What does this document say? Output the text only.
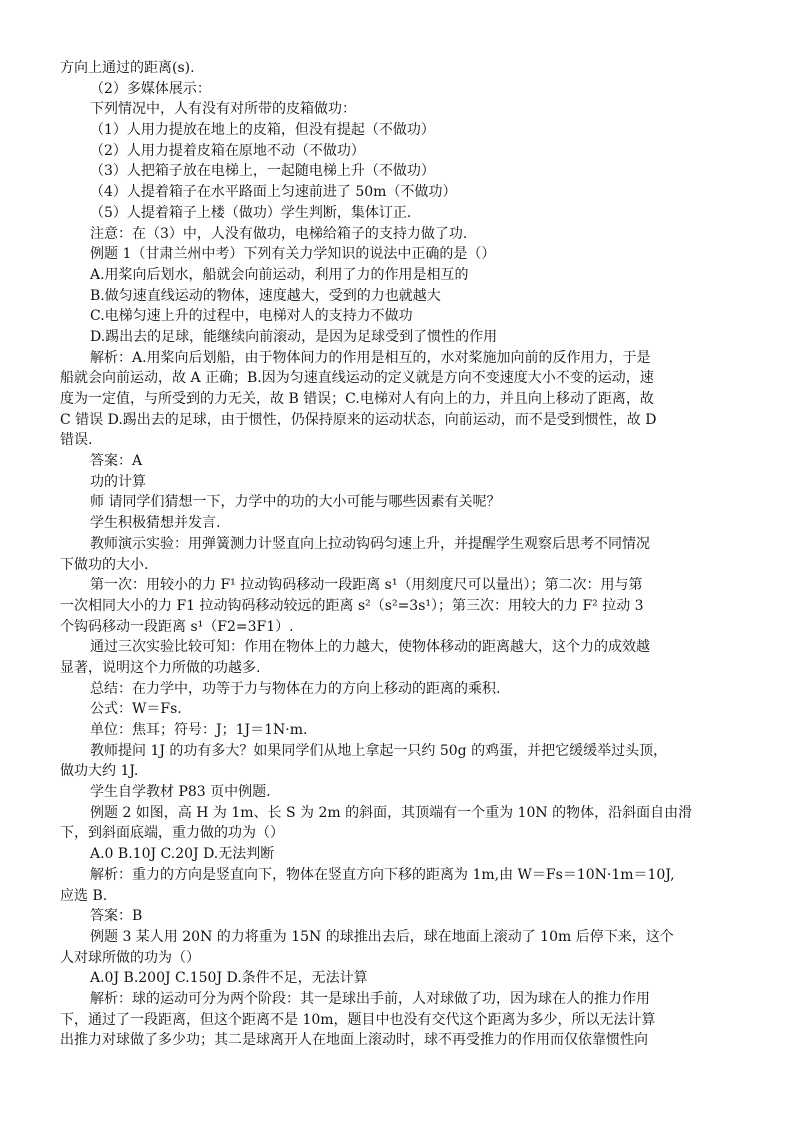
方向上通过的距离(s).
（2）多媒体展示：
下列情况中，人有没有对所带的皮箱做功：
（1）人用力提放在地上的皮箱，但没有提起（不做功）
（2）人用力提着皮箱在原地不动（不做功）
（3）人把箱子放在电梯上，一起随电梯上升（不做功）
（4）人提着箱子在水平路面上匀速前进了 50m（不做功）
（5）人提着箱子上楼（做功）学生判断，集体订正.
注意：在（3）中，人没有做功，电梯给箱子的支持力做了功.
例题 1（甘肃兰州中考）下列有关力学知识的说法中正确的是（）
A.用桨向后划水，船就会向前运动，利用了力的作用是相互的
B.做匀速直线运动的物体，速度越大，受到的力也就越大
C.电梯匀速上升的过程中，电梯对人的支持力不做功
D.踢出去的足球，能继续向前滚动，是因为足球受到了惯性的作用
解析：A.用桨向后划船，由于物体间力的作用是相互的，水对桨施加向前的反作用力，于是
船就会向前运动，故 A 正确；B.因为匀速直线运动的定义就是方向不变速度大小不变的运动，速
度为一定值，与所受到的力无关，故 B 错误；C.电梯对人有向上的力，并且向上移动了距离，故
C 错误 D.踢出去的足球，由于惯性，仍保持原来的运动状态，向前运动，而不是受到惯性，故 D
错误.
答案：A
功的计算
师 请同学们猜想一下，力学中的功的大小可能与哪些因素有关呢？
学生积极猜想并发言.
教师演示实验：用弹簧测力计竖直向上拉动钩码匀速上升，并提醒学生观察后思考不同情况
下做功的大小.
第一次：用较小的力 F¹ 拉动钩码移动一段距离 s¹（用刻度尺可以量出）；第二次：用与第
一次相同大小的力 F1 拉动钩码移动较远的距离 s²（s²=3s¹）；第三次：用较大的力 F² 拉动 3
个钩码移动一段距离 s¹（F2=3F1）.
通过三次实验比较可知：作用在物体上的力越大，使物体移动的距离越大，这个力的成效越
显著，说明这个力所做的功越多.
总结：在力学中，功等于力与物体在力的方向上移动的距离的乘积.
公式：W＝Fs.
单位：焦耳；符号：J；1J＝1N·m.
教师提问 1J 的功有多大？如果同学们从地上拿起一只约 50g 的鸡蛋，并把它缓缓举过头顶，
做功大约 1J.
学生自学教材 P83 页中例题.
例题 2 如图，高 H 为 1m、长 S 为 2m 的斜面，其顶端有一个重为 10N 的物体，沿斜面自由滑
下，到斜面底端，重力做的功为（）
A.0 B.10J C.20J D.无法判断
解析：重力的方向是竖直向下，物体在竖直方向下移的距离为 1m,由 W＝Fs＝10N·1m＝10J,
应选 B.
答案：B
例题 3 某人用 20N 的力将重为 15N 的球推出去后，球在地面上滚动了 10m 后停下来，这个
人对球所做的功为（）
A.0J B.200J C.150J D.条件不足，无法计算
解析：球的运动可分为两个阶段：其一是球出手前，人对球做了功，因为球在人的推力作用
下，通过了一段距离，但这个距离不是 10m，题目中也没有交代这个距离为多少，所以无法计算
出推力对球做了多少功；其二是球离开人在地面上滚动时，球不再受推力的作用而仅依靠惯性向
